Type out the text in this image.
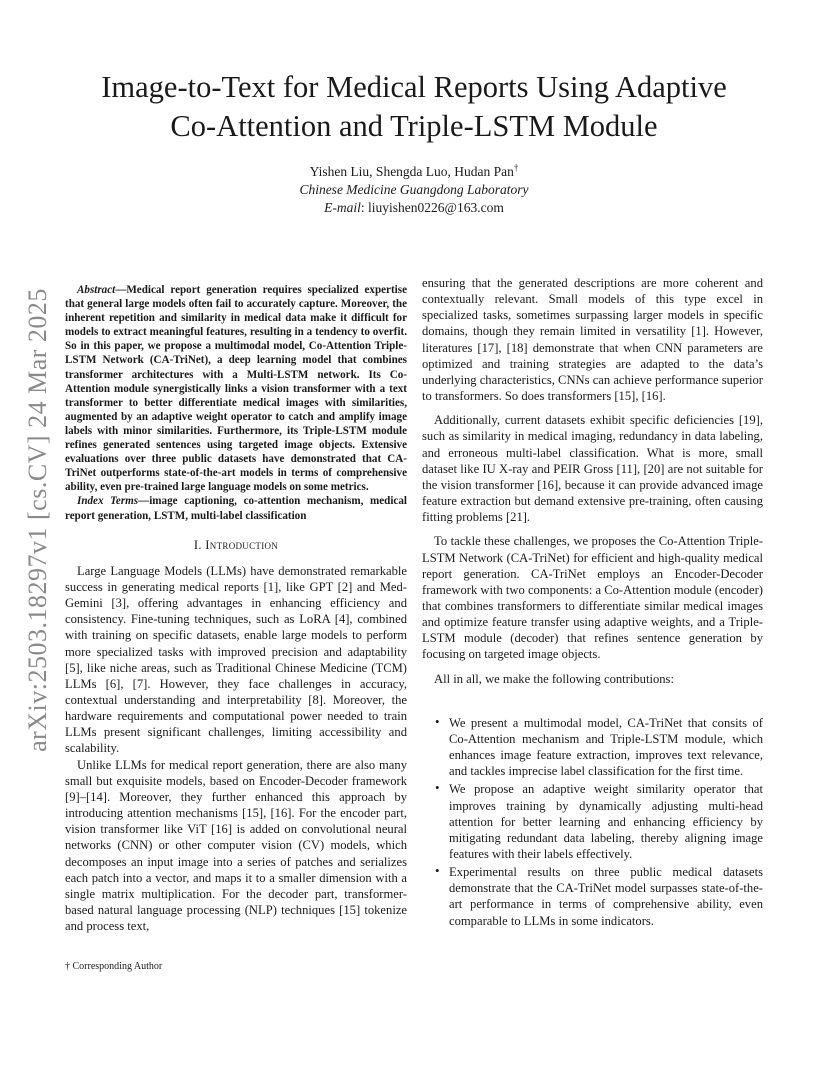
arXiv:2503.18297v1 [cs.CV] 24 Mar 2025
Image-to-Text for Medical Reports Using Adaptive
Co-Attention and Triple-LSTM Module
Yishen Liu, Shengda Luo, Hudan Pan†
Chinese Medicine Guangdong Laboratory
E-mail: liuyishen0226@163.com

Abstract—Medical report generation requires specialized expertise that general large models often fail to accurately capture. Moreover, the inherent repetition and similarity in medical data make it difficult for models to extract meaningful features, resulting in a tendency to overfit. So in this paper, we propose a multimodal model, Co-Attention Triple-LSTM Network (CA-TriNet), a deep learning model that combines transformer architectures with a Multi-LSTM network. Its Co-Attention module synergistically links a vision transformer with a text transformer to better differentiate medical images with similarities, augmented by an adaptive weight operator to catch and amplify image labels with minor similarities. Furthermore, its Triple-LSTM module refines generated sentences using targeted image objects. Extensive evaluations over three public datasets have demonstrated that CA-TriNet outperforms state-of-the-art models in terms of comprehensive ability, even pre-trained large language models on some metrics.

Index Terms—image captioning, co-attention mechanism, medical report generation, LSTM, multi-label classification

I. Introduction

Large Language Models (LLMs) have demonstrated remarkable success in generating medical reports [1], like GPT [2] and Med-Gemini [3], offering advantages in enhancing efficiency and consistency. Fine-tuning techniques, such as LoRA [4], combined with training on specific datasets, enable large models to perform more specialized tasks with improved precision and adaptability [5], like niche areas, such as Traditional Chinese Medicine (TCM) LLMs [6], [7]. However, they face challenges in accuracy, contextual understanding and interpretability [8]. Moreover, the hardware requirements and computational power needed to train LLMs present significant challenges, limiting accessibility and scalability.

Unlike LLMs for medical report generation, there are also many small but exquisite models, based on Encoder-Decoder framework [9]–[14]. Moreover, they further enhanced this approach by introducing attention mechanisms [15], [16]. For the encoder part, vision transformer like ViT [16] is added on convolutional neural networks (CNN) or other computer vision (CV) models, which decomposes an input image into a series of patches and serializes each patch into a vector, and maps it to a smaller dimension with a single matrix multiplication. For the decoder part, transformer-based natural language processing (NLP) techniques [15] tokenize and process text,

ensuring that the generated descriptions are more coherent and contextually relevant. Small models of this type excel in specialized tasks, sometimes surpassing larger models in specific domains, though they remain limited in versatility [1]. However, literatures [17], [18] demonstrate that when CNN parameters are optimized and training strategies are adapted to the data’s underlying characteristics, CNNs can achieve performance superior to transformers. So does transformers [15], [16].

Additionally, current datasets exhibit specific deficiencies [19], such as similarity in medical imaging, redundancy in data labeling, and erroneous multi-label classification. What is more, small dataset like IU X-ray and PEIR Gross [11], [20] are not suitable for the vision transformer [16], because it can provide advanced image feature extraction but demand extensive pre-training, often causing fitting problems [21].

To tackle these challenges, we proposes the Co-Attention Triple-LSTM Network (CA-TriNet) for efficient and high-quality medical report generation. CA-TriNet employs an Encoder-Decoder framework with two components: a Co-Attention module (encoder) that combines transformers to differentiate similar medical images and optimize feature transfer using adaptive weights, and a Triple-LSTM module (decoder) that refines sentence generation by focusing on targeted image objects.

All in all, we make the following contributions:

• We present a multimodal model, CA-TriNet that consits of Co-Attention mechanism and Triple-LSTM module, which enhances image feature extraction, improves text relevance, and tackles imprecise label classification for the first time.
• We propose an adaptive weight similarity operator that improves training by dynamically adjusting multi-head attention for better learning and enhancing efficiency by mitigating redundant data labeling, thereby aligning image features with their labels effectively.
• Experimental results on three public medical datasets demonstrate that the CA-TriNet model surpasses state-of-the-art performance in terms of comprehensive ability, even comparable to LLMs in some indicators.
† Corresponding Author
